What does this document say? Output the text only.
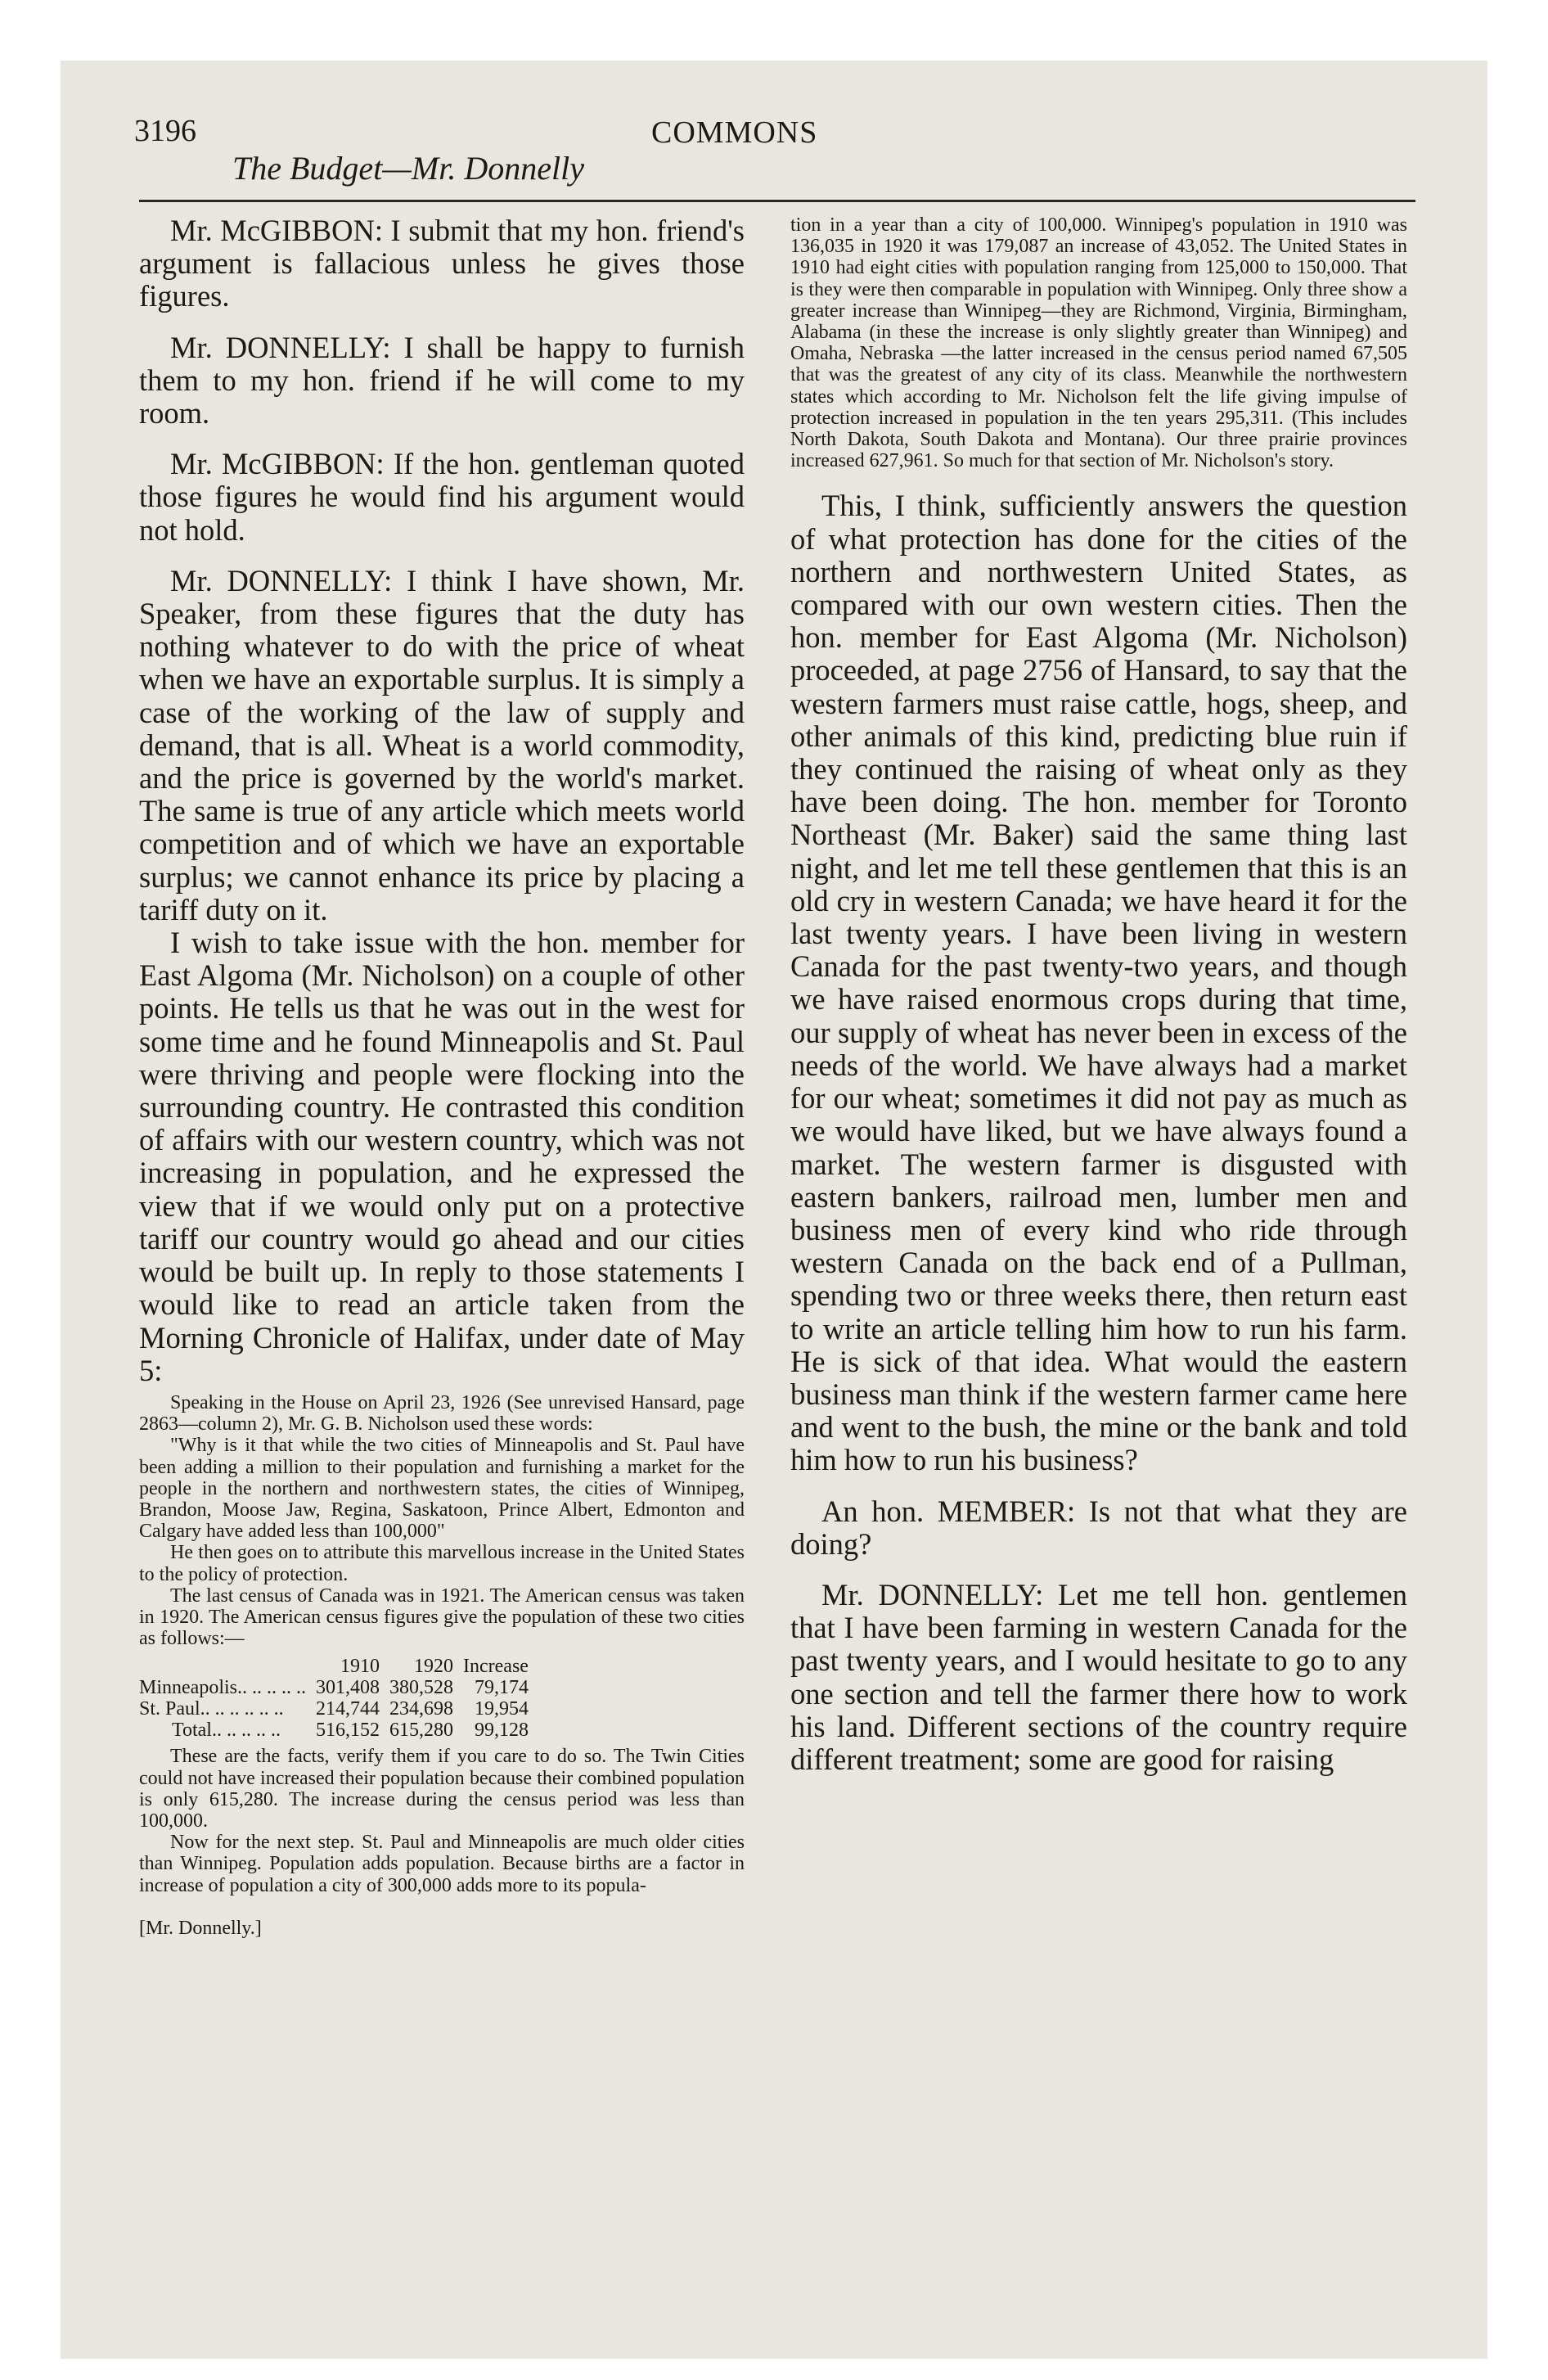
3196	COMMONS
The Budget—Mr. Donnelly

Mr. McGIBBON: I submit that my hon. friend's argument is fallacious unless he gives those figures.

Mr. DONNELLY: I shall be happy to furnish them to my hon. friend if he will come to my room.

Mr. McGIBBON: If the hon. gentleman quoted those figures he would find his argument would not hold.

Mr. DONNELLY: I think I have shown, Mr. Speaker, from these figures that the duty has nothing whatever to do with the price of wheat when we have an exportable surplus. It is simply a case of the working of the law of supply and demand, that is all. Wheat is a world commodity, and the price is governed by the world's market. The same is true of any article which meets world competition and of which we have an exportable surplus; we cannot enhance its price by placing a tariff duty on it.

I wish to take issue with the hon. member for East Algoma (Mr. Nicholson) on a couple of other points. He tells us that he was out in the west for some time and he found Minneapolis and St. Paul were thriving and people were flocking into the surrounding country. He contrasted this condition of affairs with our western country, which was not increasing in population, and he expressed the view that if we would only put on a protective tariff our country would go ahead and our cities would be built up. In reply to those statements I would like to read an article taken from the Morning Chronicle of Halifax, under date of May 5:

Speaking in the House on April 23, 1926 (See unrevised Hansard, page 2863—column 2), Mr. G. B. Nicholson used these words:

"Why is it that while the two cities of Minneapolis and St. Paul have been adding a million to their population and furnishing a market for the people in the northern and northwestern states, the cities of Winnipeg, Brandon, Moose Jaw, Regina, Saskatoon, Prince Albert, Edmonton and Calgary have added less than 100,000"

He then goes on to attribute this marvellous increase in the United States to the policy of protection.

The last census of Canada was in 1921. The American census was taken in 1920. The American census figures give the population of these two cities as follows:—

	1910	1920	Increase
Minneapolis.. .. .. .. ..	301,408	380,528	79,174
St. Paul.. .. .. .. .. ..	214,744	234,698	19,954
Total.. .. .. .. ..	516,152	615,280	99,128

These are the facts, verify them if you care to do so. The Twin Cities could not have increased their population because their combined population is only 615,280. The increase during the census period was less than 100,000.

Now for the next step. St. Paul and Minneapolis are much older cities than Winnipeg. Population adds population. Because births are a factor in increase of population a city of 300,000 adds more to its popula-

[Mr. Donnelly.]

tion in a year than a city of 100,000. Winnipeg's population in 1910 was 136,035 in 1920 it was 179,087 an increase of 43,052. The United States in 1910 had eight cities with population ranging from 125,000 to 150,000. That is they were then comparable in population with Winnipeg. Only three show a greater increase than Winnipeg—they are Richmond, Virginia, Birmingham, Alabama (in these the increase is only slightly greater than Winnipeg) and Omaha, Nebraska —the latter increased in the census period named 67,505 that was the greatest of any city of its class. Meanwhile the northwestern states which according to Mr. Nicholson felt the life giving impulse of protection increased in population in the ten years 295,311. (This includes North Dakota, South Dakota and Montana). Our three prairie provinces increased 627,961. So much for that section of Mr. Nicholson's story.

This, I think, sufficiently answers the question of what protection has done for the cities of the northern and northwestern United States, as compared with our own western cities. Then the hon. member for East Algoma (Mr. Nicholson) proceeded, at page 2756 of Hansard, to say that the western farmers must raise cattle, hogs, sheep, and other animals of this kind, predicting blue ruin if they continued the raising of wheat only as they have been doing. The hon. member for Toronto Northeast (Mr. Baker) said the same thing last night, and let me tell these gentlemen that this is an old cry in western Canada; we have heard it for the last twenty years. I have been living in western Canada for the past twenty-two years, and though we have raised enormous crops during that time, our supply of wheat has never been in excess of the needs of the world. We have always had a market for our wheat; sometimes it did not pay as much as we would have liked, but we have always found a market. The western farmer is disgusted with eastern bankers, railroad men, lumber men and business men of every kind who ride through western Canada on the back end of a Pullman, spending two or three weeks there, then return east to write an article telling him how to run his farm. He is sick of that idea. What would the eastern business man think if the western farmer came here and went to the bush, the mine or the bank and told him how to run his business?

An hon. MEMBER: Is not that what they are doing?

Mr. DONNELLY: Let me tell hon. gentlemen that I have been farming in western Canada for the past twenty years, and I would hesitate to go to any one section and tell the farmer there how to work his land. Different sections of the country require different treatment; some are good for raising
